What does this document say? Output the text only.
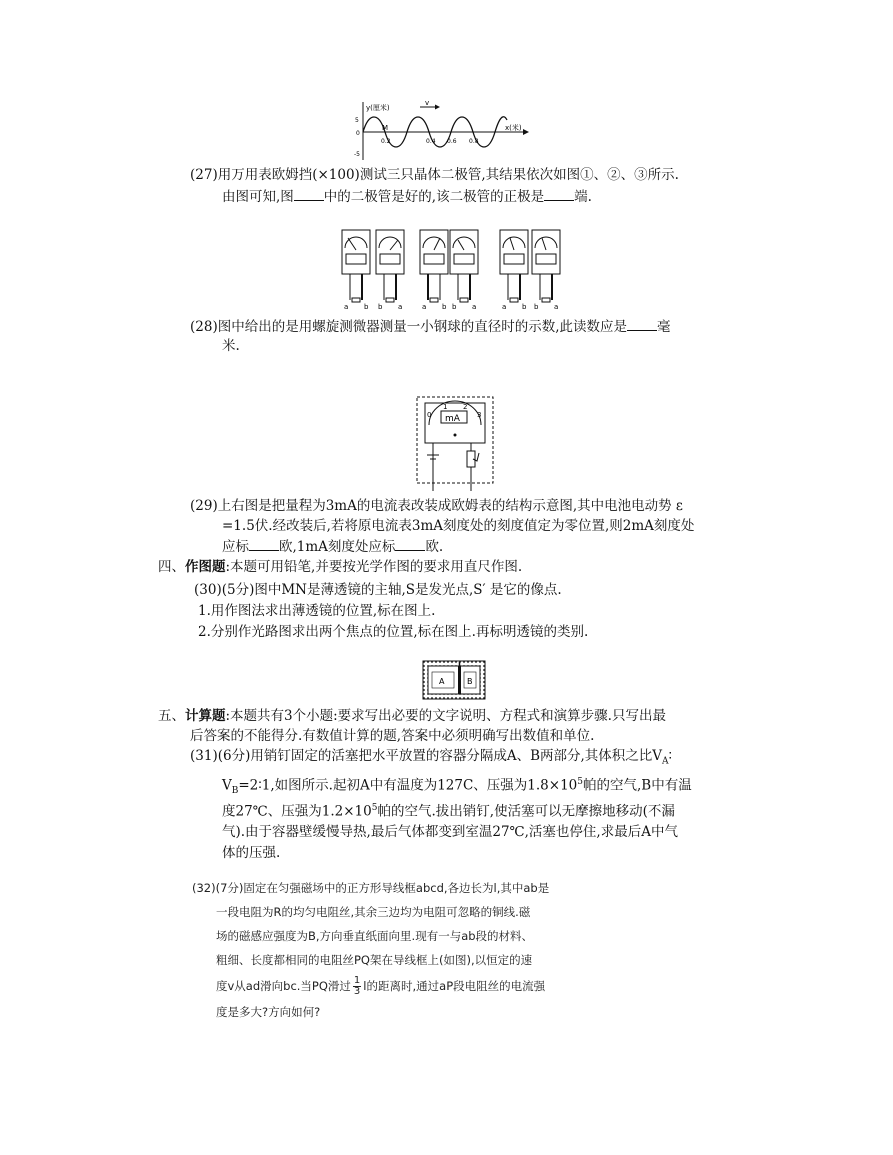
y(厘米)
v
x(米)
M
5
0
-5
0.2	0.4 0.6 0.8
(27)用万用表欧姆挡(×100)测试三只晶体二极管,其结果依次如图①、②、③所示.
由图可知,图 中的二极管是好的,该二极管的正极是 端.
a b b a	a b b a	a b b a
(28)图中给出的是用螺旋测微器测量一小钢球的直径时的示数,此读数应是 毫
米.
mA
0
1 2
3
(29)上右图是把量程为3mA的电流表改装成欧姆表的结构示意图,其中电池电动势 ε
=1.5伏.经改装后,若将原电流表3mA刻度处的刻度值定为零位置,则2mA刻度处
应标 欧,1mA刻度处应标 欧.
四、作图题:本题可用铅笔,并要按光学作图的要求用直尺作图.
(30)(5分)图中MN是薄透镜的主轴,S是发光点,S′ 是它的像点.
1.用作图法求出薄透镜的位置,标在图上.
2.分别作光路图求出两个焦点的位置,标在图上.再标明透镜的类别.
A	B
五、计算题:本题共有3个小题:要求写出必要的文字说明、方程式和演算步骤.只写出最
后答案的不能得分.有数值计算的题,答案中必须明确写出数值和单位.
(31)(6分)用销钉固定的活塞把水平放置的容器分隔成A、B两部分,其体积之比$V_A∶$
$V_B=2∶1$,如图所示.起初A中有温度为127C、压强为$1.8\times 10^5$帕的空气,B中有温
度27℃、压强为$1.2\times 10^5$帕的空气.拔出销钉,使活塞可以无摩擦地移动(不漏
气).由于容器壁缓慢导热,最后气体都变到室温27℃,活塞也停住,求最后A中气
体的压强.
(32)(7分)固定在匀强磁场中的正方形导线框abcd,各边长为l,其中ab是
一段电阻为R的均匀电阻丝,其余三边均为电阻可忽略的铜线.磁
场的磁感应强度为B,方向垂直纸面向里.现有一与ab段的材料、
粗细、长度都相同的电阻丝PQ架在导线框上(如图),以恒定的速
度v从ad滑向bc.当PQ滑过 $\frac{1}{3}$ l的距离时,通过aP段电阻丝的电流强
度是多大?方向如何?
